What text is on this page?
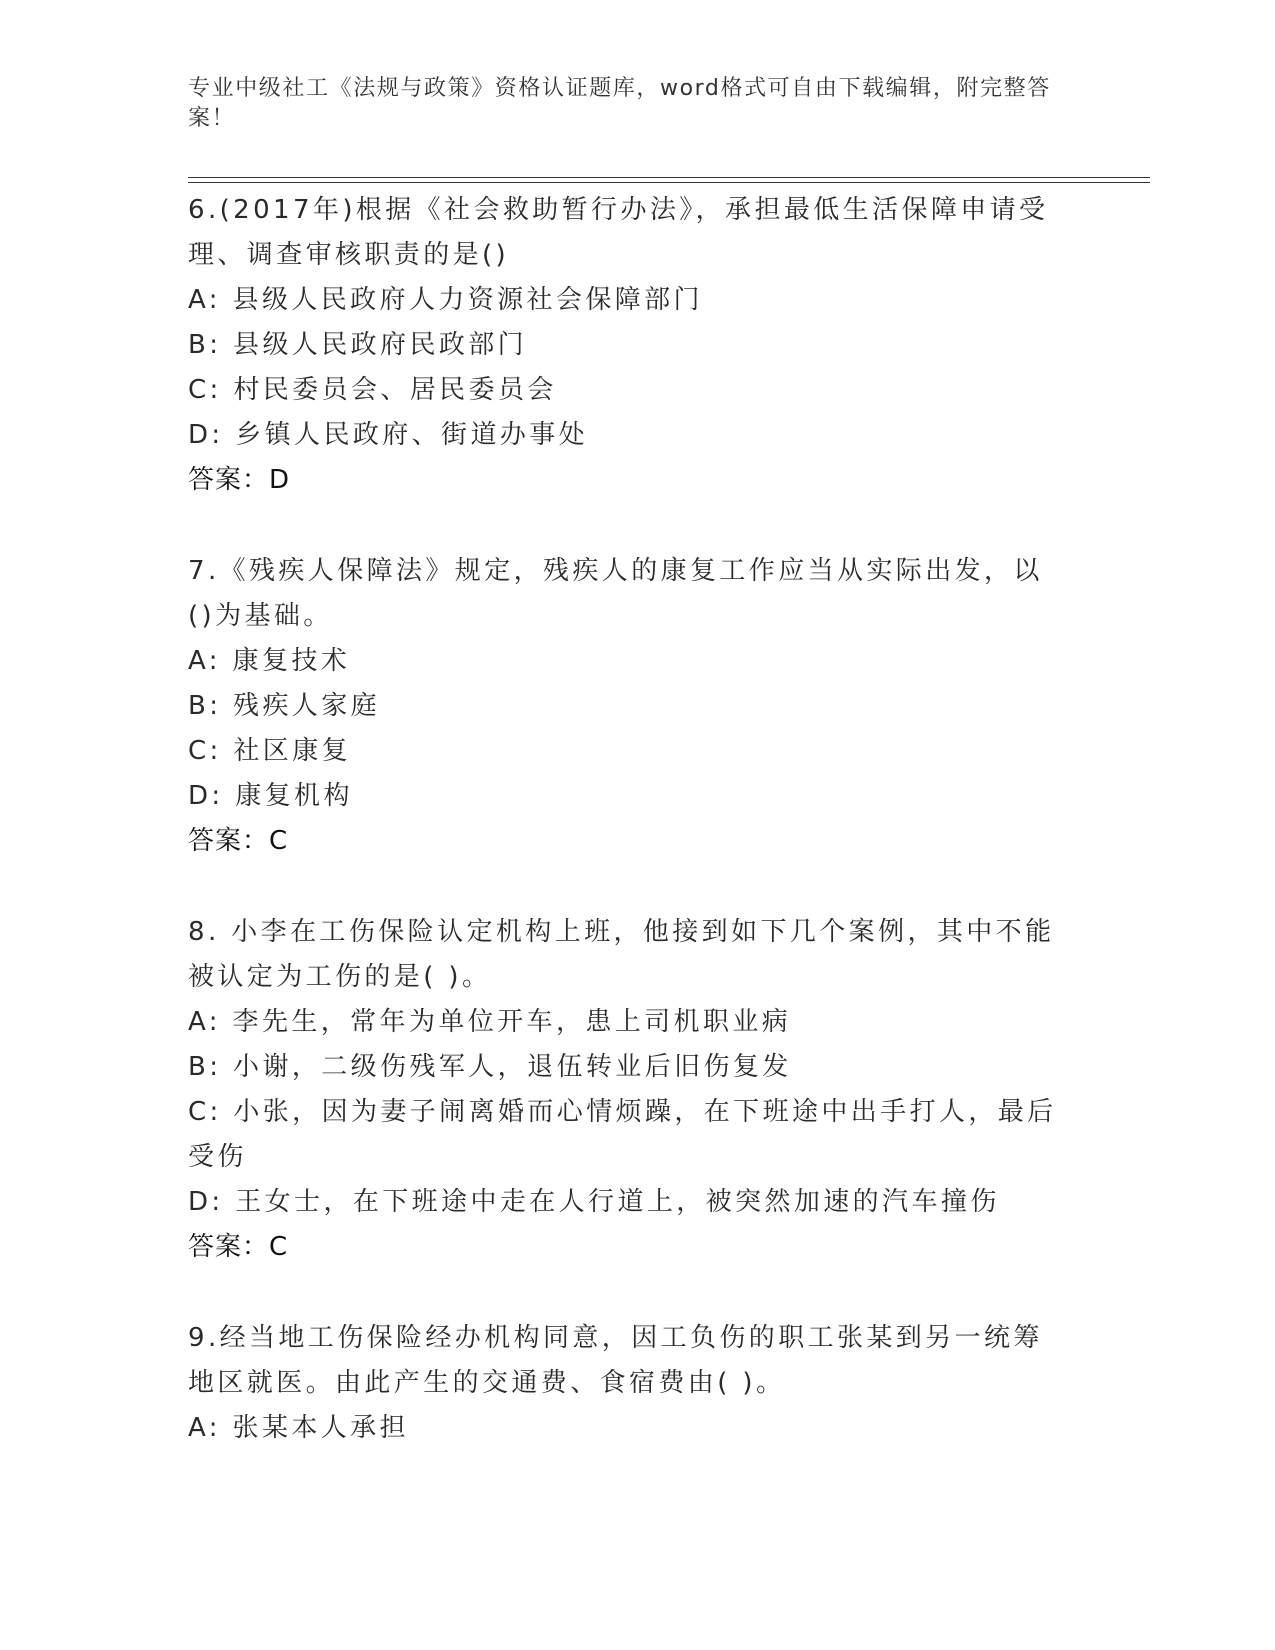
专业中级社工《法规与政策》资格认证题库，word格式可自由下载编辑，附完整答案！
6.(2017年)根据《社会救助暂行办法》，承担最低生活保障申请受理、调查审核职责的是()
A: 县级人民政府人力资源社会保障部门
B: 县级人民政府民政部门
C: 村民委员会、居民委员会
D: 乡镇人民政府、街道办事处
答案：D
7.《残疾人保障法》规定，残疾人的康复工作应当从实际出发，以()为基础。
A: 康复技术
B: 残疾人家庭
C: 社区康复
D: 康复机构
答案：C
8. 小李在工伤保险认定机构上班，他接到如下几个案例，其中不能被认定为工伤的是( )。
A: 李先生，常年为单位开车，患上司机职业病
B: 小谢，二级伤残军人，退伍转业后旧伤复发
C: 小张，因为妻子闹离婚而心情烦躁，在下班途中出手打人，最后受伤
D: 王女士，在下班途中走在人行道上，被突然加速的汽车撞伤
答案：C
9.经当地工伤保险经办机构同意，因工负伤的职工张某到另一统筹地区就医。由此产生的交通费、食宿费由( )。
A: 张某本人承担
